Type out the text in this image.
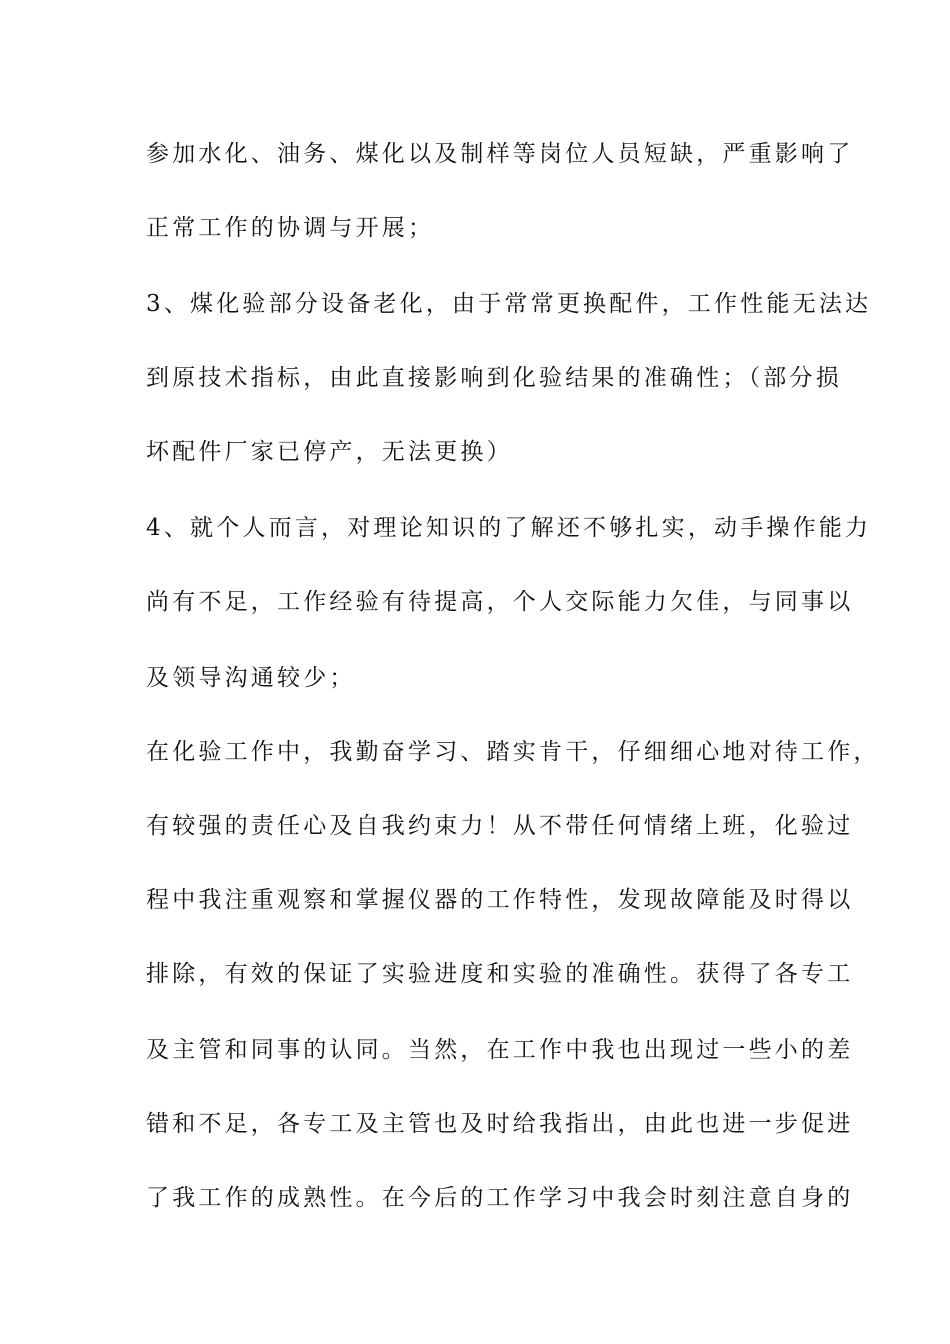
参加水化、油务、煤化以及制样等岗位人员短缺，严重影响了
正常工作的协调与开展；
3、煤化验部分设备老化，由于常常更换配件，工作性能无法达
到原技术指标，由此直接影响到化验结果的准确性；（部分损
坏配件厂家已停产，无法更换）
4、就个人而言，对理论知识的了解还不够扎实，动手操作能力
尚有不足，工作经验有待提高，个人交际能力欠佳，与同事以
及领导沟通较少；
在化验工作中，我勤奋学习、踏实肯干，仔细细心地对待工作，
有较强的责任心及自我约束力！从不带任何情绪上班，化验过
程中我注重观察和掌握仪器的工作特性，发现故障能及时得以
排除，有效的保证了实验进度和实验的准确性。获得了各专工
及主管和同事的认同。当然，在工作中我也出现过一些小的差
错和不足，各专工及主管也及时给我指出，由此也进一步促进
了我工作的成熟性。在今后的工作学习中我会时刻注意自身的
